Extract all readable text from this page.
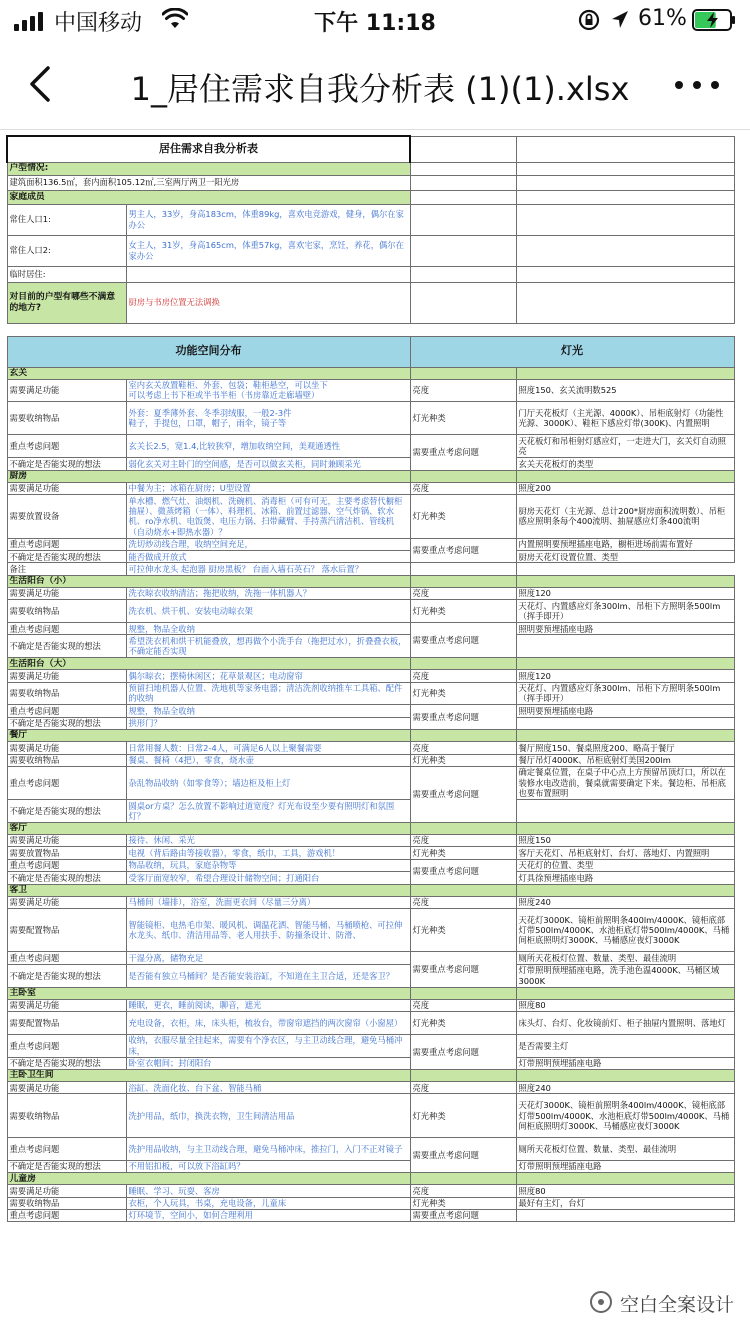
中国移动	下午 11:18	61%
1_居住需求自我分析表 (1)(1).xlsx
居住需求自我分析表				
户型情况:				
建筑面积136.5㎡，套内面积105.12㎡,三室两厅两卫一阳光房				
家庭成员				
常住人口1:	男主人，33岁，身高183cm，体重89kg，喜欢电竞游戏，健身，偶尔在家办公			
常住人口2:	女主人，31岁，身高165cm，体重57kg，喜欢宅家，烹饪，养花，偶尔在家办公			
临时居住:				
对目前的户型有哪些不满意的地方?	厨房与书房位置无法调换			

功能空间分布		灯光		
玄关				
需要满足功能	室内玄关放置鞋柜、外套、包袋；鞋柜悬空，可以坐下
可以考虑上书下柜或半书半柜（书房靠近走廊墙壁）	亮度	照度150、玄关流明数525	
需要收纳物品	外套：夏季薄外套、冬季羽绒服，一般2-3件
鞋子，手提包，口罩，帽子，雨伞，镜子等	灯光种类	门厅天花板灯（主光源、4000K）、吊柜底射灯（功能性光源、3000K）、鞋柜下感应灯带(300K)、内置照明	
重点考虑问题	玄关长2.5，宽1.4,比较狭窄，增加收纳空间，美观通透性	需要重点考虑问题	天花板灯和吊柜射灯感应灯，一走进大门，玄关灯自动照亮	
不确定是否能实现的想法	弱化玄关对主卧门的空间感，是否可以做玄关柜，同时兼顾采光		玄关天花板灯的类型	
厨房				
需要满足功能	中餐为主；冰箱在厨房；U型设置	亮度	照度200	
需要放置设备	单水槽、燃气灶、油烟机、洗碗机、消毒柜（可有可无，主要考虑替代橱柜抽屉）、微蒸烤箱（一体）、料理机、冰箱、前置过滤器、空气炸锅、软水机、ro净水机、电饭煲、电压力锅、扫带藏臂、手持蒸汽清洁机、管线机（自动烧水+即热水器）？	灯光种类	厨房天花灯（主光源、总计200*厨房面积流明数）、吊柜感应照明条每个400流明、抽屉感应灯条400流明	
重点考虑问题	洗切炒动线合理，收纳空间充足，	需要重点考虑问题	内置照明要预埋插座电路，橱柜进场前需布置好	
不确定是否能实现的想法	能否做成开放式		厨房天花灯设置位置、类型	
备注	可拉伸水龙头 起泡器 厨房黑板？ 台面入墙石英石？ 落水后置？			
生活阳台（小）				
需要满足功能	洗衣晾衣收纳清洁；拖把收纳，洗拖一体机器人？	亮度	照度120	
需要收纳物品	洗衣机、烘干机、安装电动晾衣架	灯光种类	天花灯、内置感应灯条300lm、吊柜下方照明条500lm（挥手即开）	
重点考虑问题	规整，物品全收纳	需要重点考虑问题	照明要预埋插座电路	
不确定是否能实现的想法	希望洗衣机和烘干机能叠放，想再做个小洗手台（拖把过水），折叠叠衣板，不确定能否实现			
生活阳台（大）				
需要满足功能	偶尔晾衣；摆椅休闲区；花草景观区；电动窗帘	亮度	照度120	
需要收纳物品	预留扫地机器人位置、洗地机等家务电器；清洁洗剂收纳推车工具箱、配件的收纳	灯光种类	天花灯、内置感应灯条300lm、吊柜下方照明条500lm（挥手即开）	
重点考虑问题	规整，物品全收纳	需要重点考虑问题	照明要预埋插座电路	
不确定是否能实现的想法	拱形门？			
餐厅				
需要满足功能	日常用餐人数：日常2-4人，可满足6人以上聚餐需要	亮度	餐厅照度150、餐桌照度200、略高于餐厅	
需要收纳物品	餐桌、餐椅（4把），零食，烧水壶	灯光种类	餐厅吊灯4000K、吊柜底射灯美国200lm	
重点考虑问题	杂乱物品收纳（如零食等）；墙边柜及柜上灯	需要重点考虑问题	确定餐桌位置，在桌子中心点上方预留吊顶灯口，所以在装修水电改造前，餐桌就需要确定下来。餐边柜、吊柜底也要布置照明	
不确定是否能实现的想法	圆桌or方桌？怎么放置不影响过道宽度？灯光布设至少要有照明灯和氛围灯？			
客厅				
需要满足功能	接待、休闲、采光	亮度	照度150	
需要放置物品	电视（背后路由等接收器），零食，纸巾，工具，游戏机！	灯光种类	客厅天花灯、吊柜底射灯、台灯、落地灯、内置照明	
重点考虑问题	物品收纳，玩具，家庭杂物等	需要重点考虑问题	天花灯的位置、类型	
不确定是否能实现的想法	受客厅面宽较窄，希望合理设计储物空间；打通阳台		灯具徐预埋插座电路	
客卫				
需要满足功能	马桶间（墙排），浴室，洗面更衣间（尽量三分离）	亮度	照度240	
需要配置物品	智能镜柜、电热毛巾架、暖风机、调温花洒、智能马桶、马桶喷枪、可拉伸水龙头、纸巾、清洁用品等、老人用扶手、防撞条设计、防滑、	灯光种类	天花灯3000K、镜柜前照明条400lm/4000K、镜柜底部灯带500lm/4000K、水池柜底灯带500lm/4000K、马桶间柜底照明灯3000K、马桶感应夜灯3000K	
重点考虑问题	干湿分离，储物充足	需要重点考虑问题	厕所天花板灯位置、数量、类型、最佳流明	
不确定是否能实现的想法	是否能有独立马桶间？是否能安装浴缸，不知道在主卫合适，还是客卫？		灯带照明预埋插座电路，洗手池色温4000K、马桶区域3000K	
主卧室				
需要满足功能	睡眠，更衣，睡前阅读，聊音，遮光	亮度	照度80	
需要配置物品	充电设备，衣柜，床，床头柜，梳妆台，带窗帘遮挡的两次窗帘（小窗屋）	灯光种类	床头灯、台灯、化妆镜前灯、柜子抽屉内置照明、落地灯	
重点考虑问题	收纳，衣服尽量全挂起来，需要有个净衣区，与主卫动线合理，避免马桶冲床，	需要重点考虑问题	是否需要主灯	
不确定是否能实现的想法	卧室衣帽间；封闭阳台		灯带照明预埋插座电路	
主卧卫生间				
需要满足功能	浴缸、洗面化妆、台下盆、智能马桶	亮度	照度240	
需要收纳物品	洗护用品，纸巾，换洗衣物，卫生间清洁用品	灯光种类	天花灯3000K、镜柜前照明条400lm/4000K、镜柜底部灯带500lm/4000K、水池柜底灯带500lm/4000K、马桶间柜底照明灯3000K、马桶感应夜灯3000K	
重点考虑问题	洗护用品收纳，与主卫动线合理，避免马桶冲床，推拉门，入门不正对镜子	需要重点考虑问题	厕所天花板灯位置、数量、类型、最佳流明	
不确定是否能实现的想法	不用铝扣板，可以放下浴缸吗？		灯带照明预埋插座电路	
儿童房				
需要满足功能	睡眠、学习、玩耍、客房	亮度	照度80	
需要收纳物品	衣柜，个人玩具，书桌，充电设备，儿童床	灯光种类	最好有主灯，台灯	
重点考虑问题	灯环境节，空间小，如何合理利用	需要重点考虑问题		
空白全案设计
